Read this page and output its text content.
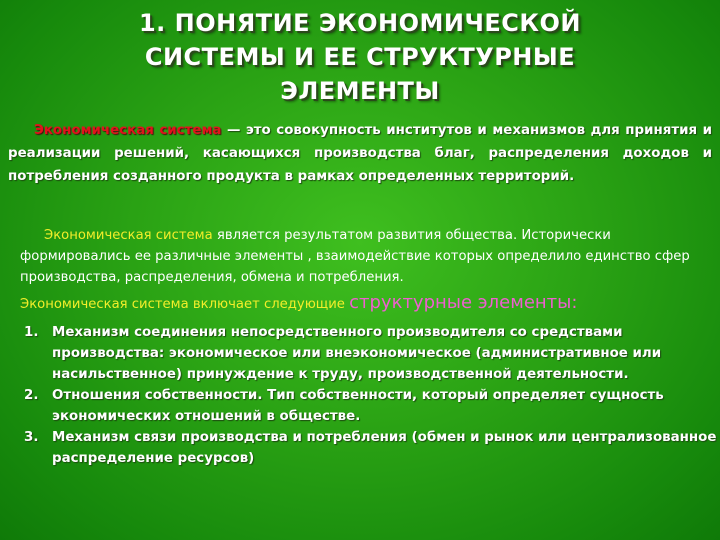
1. ПОНЯТИЕ ЭКОНОМИЧЕСКОЙ
СИСТЕМЫ И ЕЕ СТРУКТУРНЫЕ
ЭЛЕМЕНТЫ
Экономическая система — это совокупность институтов и механизмов для принятия и реализации решений, касающихся производства благ, распределения доходов и потребления созданного продукта в рамках определенных территорий.
Экономическая система является результатом развития общества. Исторически формировались ее различные элементы , взаимодействие которых определило единство сфер производства, распределения, обмена и потребления.
Экономическая система включает следующие структурные элементы:
1. Механизм соединения непосредственного производителя со средствами производства: экономическое или внеэкономическое (административное или насильственное) принуждение к труду, производственной деятельности.
2. Отношения собственности. Тип собственности, который определяет сущность экономических отношений в обществе.
3. Механизм связи производства и потребления (обмен и рынок или централизованное распределение ресурсов)
